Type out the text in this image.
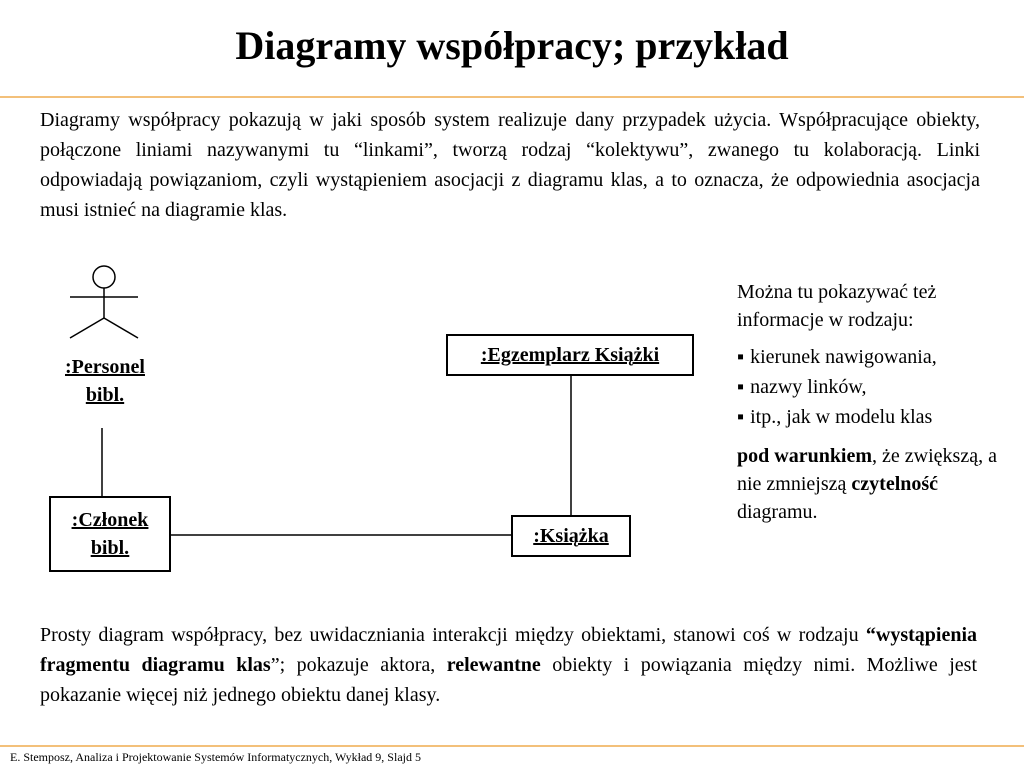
Diagramy współpracy; przykład
Diagramy współpracy pokazują w jaki sposób system realizuje dany przypadek użycia. Współpracujące obiekty, połączone liniami nazywanymi tu “linkami”, tworzą rodzaj “kolektywu”, zwanego tu kolaboracją. Linki odpowiadają powiązaniom, czyli wystąpieniem asocjacji z diagramu klas, a to oznacza, że odpowiednia asocjacja musi istnieć na diagramie klas.
:Personel
bibl.
:Członek
bibl.
:Książka
:Egzemplarz Książki

Można tu pokazywać też informacje w rodzaju:

▪ kierunek nawigowania,
▪ nazwy linków,
▪ itp., jak w modelu klas

pod warunkiem, że zwiększą, a nie zmniejszą czytelność diagramu.

Prosty diagram współpracy, bez uwidaczniania interakcji między obiektami, stanowi coś w rodzaju “wystąpienia fragmentu diagramu klas”; pokazuje aktora, relewantne obiekty i powiązania między nimi. Możliwe jest pokazanie więcej niż jednego obiektu danej klasy.
E. Stemposz, Analiza i Projektowanie Systemów Informatycznych, Wykład 9, Slajd 5
